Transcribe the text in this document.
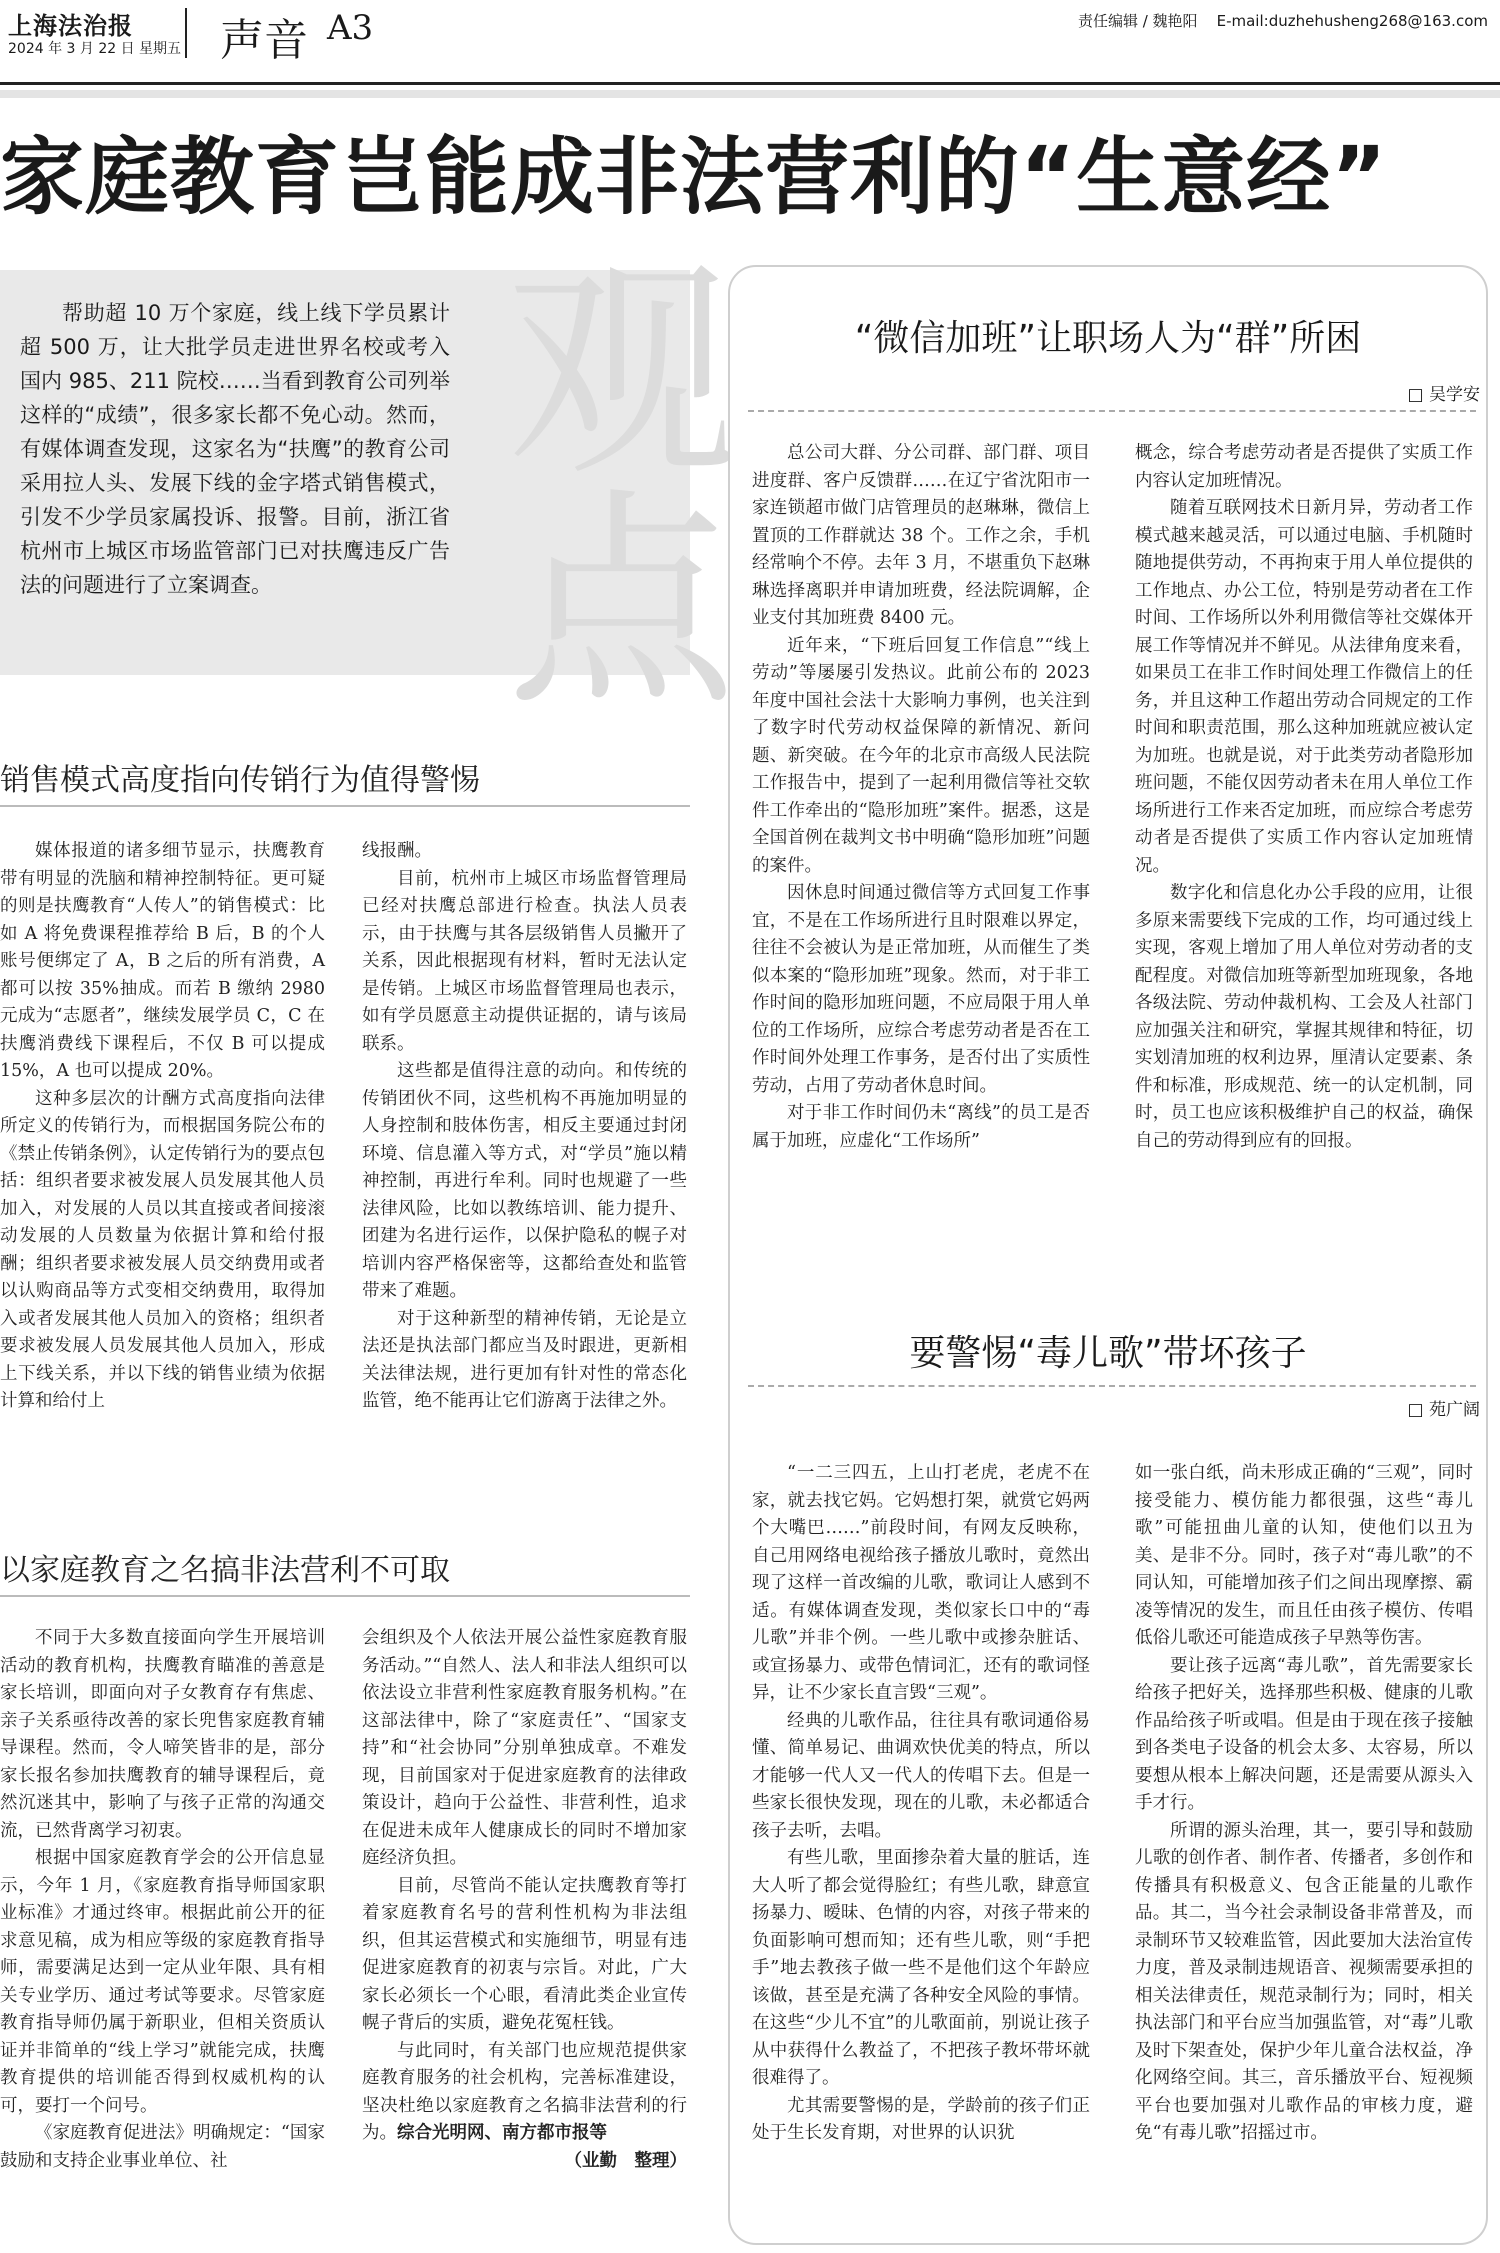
上海法治报
2024 年 3 月 22 日 星期五 声音 A3	责任编辑 / 魏艳阳 E-mail:duzhehusheng268@163.com
家庭教育岂能成非法营利的“生意经”
观点
帮助超 10 万个家庭，线上线下学员累计超 500 万，让大批学员走进世界名校或考入国内 985、211 院校……当看到教育公司列举这样的“成绩”，很多家长都不免心动。然而，有媒体调查发现，这家名为“扶鹰”的教育公司采用拉人头、发展下线的金字塔式销售模式，引发不少学员家属投诉、报警。目前，浙江省杭州市上城区市场监管部门已对扶鹰违反广告法的问题进行了立案调查。
销售模式高度指向传销行为值得警惕

媒体报道的诸多细节显示，扶鹰教育带有明显的洗脑和精神控制特征。更可疑的则是扶鹰教育“人传人”的销售模式：比如 A 将免费课程推荐给 B 后，B 的个人账号便绑定了 A，B 之后的所有消费，A 都可以按 35%抽成。而若 B 缴纳 2980 元成为“志愿者”，继续发展学员 C，C 在扶鹰消费线下课程后，不仅 B 可以提成 15%，A 也可以提成 20%。

这种多层次的计酬方式高度指向法律所定义的传销行为，而根据国务院公布的《禁止传销条例》，认定传销行为的要点包括：组织者要求被发展人员发展其他人员加入，对发展的人员以其直接或者间接滚动发展的人员数量为依据计算和给付报酬；组织者要求被发展人员交纳费用或者以认购商品等方式变相交纳费用，取得加入或者发展其他人员加入的资格；组织者要求被发展人员发展其他人员加入，形成上下线关系，并以下线的销售业绩为依据计算和给付上

线报酬。

目前，杭州市上城区市场监督管理局已经对扶鹰总部进行检查。执法人员表示，由于扶鹰与其各层级销售人员撇开了关系，因此根据现有材料，暂时无法认定是传销。上城区市场监督管理局也表示，如有学员愿意主动提供证据的，请与该局联系。

这些都是值得注意的动向。和传统的传销团伙不同，这些机构不再施加明显的人身控制和肢体伤害，相反主要通过封闭环境、信息灌入等方式，对“学员”施以精神控制，再进行牟利。同时也规避了一些法律风险，比如以教练培训、能力提升、团建为名进行运作，以保护隐私的幌子对培训内容严格保密等，这都给查处和监管带来了难题。

对于这种新型的精神传销，无论是立法还是执法部门都应当及时跟进，更新相关法律法规，进行更加有针对性的常态化监管，绝不能再让它们游离于法律之外。

以家庭教育之名搞非法营利不可取

不同于大多数直接面向学生开展培训活动的教育机构，扶鹰教育瞄准的善意是家长培训，即面向对子女教育存有焦虑、亲子关系亟待改善的家长兜售家庭教育辅导课程。然而，令人啼笑皆非的是，部分家长报名参加扶鹰教育的辅导课程后，竟然沉迷其中，影响了与孩子正常的沟通交流，已然背离学习初衷。

根据中国家庭教育学会的公开信息显示，今年 1 月，《家庭教育指导师国家职业标准》才通过终审。根据此前公开的征求意见稿，成为相应等级的家庭教育指导师，需要满足达到一定从业年限、具有相关专业学历、通过考试等要求。尽管家庭教育指导师仍属于新职业，但相关资质认证并非简单的“线上学习”就能完成，扶鹰教育提供的培训能否得到权威机构的认可，要打一个问号。

《家庭教育促进法》明确规定：“国家鼓励和支持企业事业单位、社

会组织及个人依法开展公益性家庭教育服务活动。”“自然人、法人和非法人组织可以依法设立非营利性家庭教育服务机构。”在这部法律中，除了“家庭责任”、“国家支持”和“社会协同”分别单独成章。不难发现，目前国家对于促进家庭教育的法律政策设计，趋向于公益性、非营利性，追求在促进未成年人健康成长的同时不增加家庭经济负担。

目前，尽管尚不能认定扶鹰教育等打着家庭教育名号的营利性机构为非法组织，但其运营模式和实施细节，明显有违促进家庭教育的初衷与宗旨。对此，广大家长必须长一个心眼，看清此类企业宣传幌子背后的实质，避免花冤枉钱。

与此同时，有关部门也应规范提供家庭教育服务的社会机构，完善标准建设，坚决杜绝以家庭教育之名搞非法营利的行为。综合光明网、南方都市报等
（业勤　整理）

“微信加班”让职场人为“群”所困
□ 吴学安

总公司大群、分公司群、部门群、项目进度群、客户反馈群……在辽宁省沈阳市一家连锁超市做门店管理员的赵琳琳，微信上置顶的工作群就达 38 个。工作之余，手机经常响个不停。去年 3 月，不堪重负下赵琳琳选择离职并申请加班费，经法院调解，企业支付其加班费 8400 元。

近年来，“下班后回复工作信息”“线上劳动”等屡屡引发热议。此前公布的 2023 年度中国社会法十大影响力事例，也关注到了数字时代劳动权益保障的新情况、新问题、新突破。在今年的北京市高级人民法院工作报告中，提到了一起利用微信等社交软件工作牵出的“隐形加班”案件。据悉，这是全国首例在裁判文书中明确“隐形加班”问题的案件。

因休息时间通过微信等方式回复工作事宜，不是在工作场所进行且时限难以界定，往往不会被认为是正常加班，从而催生了类似本案的“隐形加班”现象。然而，对于非工作时间的隐形加班问题，不应局限于用人单位的工作场所，应综合考虑劳动者是否在工作时间外处理工作事务，是否付出了实质性劳动，占用了劳动者休息时间。

对于非工作时间仍未“离线”的员工是否属于加班，应虚化“工作场所”

概念，综合考虑劳动者是否提供了实质工作内容认定加班情况。

随着互联网技术日新月异，劳动者工作模式越来越灵活，可以通过电脑、手机随时随地提供劳动，不再拘束于用人单位提供的工作地点、办公工位，特别是劳动者在工作时间、工作场所以外利用微信等社交媒体开展工作等情况并不鲜见。从法律角度来看，如果员工在非工作时间处理工作微信上的任务，并且这种工作超出劳动合同规定的工作时间和职责范围，那么这种加班就应被认定为加班。也就是说，对于此类劳动者隐形加班问题，不能仅因劳动者未在用人单位工作场所进行工作来否定加班，而应综合考虑劳动者是否提供了实质工作内容认定加班情况。

数字化和信息化办公手段的应用，让很多原来需要线下完成的工作，均可通过线上实现，客观上增加了用人单位对劳动者的支配程度。对微信加班等新型加班现象，各地各级法院、劳动仲裁机构、工会及人社部门应加强关注和研究，掌握其规律和特征，切实划清加班的权利边界，厘清认定要素、条件和标准，形成规范、统一的认定机制，同时，员工也应该积极维护自己的权益，确保自己的劳动得到应有的回报。

要警惕“毒儿歌”带坏孩子
□ 苑广阔

“一二三四五，上山打老虎，老虎不在家，就去找它妈。它妈想打架，就赏它妈两个大嘴巴……”前段时间，有网友反映称，自己用网络电视给孩子播放儿歌时，竟然出现了这样一首改编的儿歌，歌词让人感到不适。有媒体调查发现，类似家长口中的“毒儿歌”并非个例。一些儿歌中或掺杂脏话、或宣扬暴力、或带色情词汇，还有的歌词怪异，让不少家长直言毁“三观”。

经典的儿歌作品，往往具有歌词通俗易懂、简单易记、曲调欢快优美的特点，所以才能够一代人又一代人的传唱下去。但是一些家长很快发现，现在的儿歌，未必都适合孩子去听，去唱。

有些儿歌，里面掺杂着大量的脏话，连大人听了都会觉得脸红；有些儿歌，肆意宣扬暴力、暧昧、色情的内容，对孩子带来的负面影响可想而知；还有些儿歌，则“手把手”地去教孩子做一些不是他们这个年龄应该做，甚至是充满了各种安全风险的事情。在这些“少儿不宜”的儿歌面前，别说让孩子从中获得什么教益了，不把孩子教坏带坏就很难得了。

尤其需要警惕的是，学龄前的孩子们正处于生长发育期，对世界的认识犹

如一张白纸，尚未形成正确的“三观”，同时接受能力、模仿能力都很强，这些“毒儿歌”可能扭曲儿童的认知，使他们以丑为美、是非不分。同时，孩子对“毒儿歌”的不同认知，可能增加孩子们之间出现摩擦、霸凌等情况的发生，而且任由孩子模仿、传唱低俗儿歌还可能造成孩子早熟等伤害。

要让孩子远离“毒儿歌”，首先需要家长给孩子把好关，选择那些积极、健康的儿歌作品给孩子听或唱。但是由于现在孩子接触到各类电子设备的机会太多、太容易，所以要想从根本上解决问题，还是需要从源头入手才行。

所谓的源头治理，其一，要引导和鼓励儿歌的创作者、制作者、传播者，多创作和传播具有积极意义、包含正能量的儿歌作品。其二，当今社会录制设备非常普及，而录制环节又较难监管，因此要加大法治宣传力度，普及录制违规语音、视频需要承担的相关法律责任，规范录制行为；同时，相关执法部门和平台应当加强监管，对“毒”儿歌及时下架查处，保护少年儿童合法权益，净化网络空间。其三，音乐播放平台、短视频平台也要加强对儿歌作品的审核力度，避免“有毒儿歌”招摇过市。
